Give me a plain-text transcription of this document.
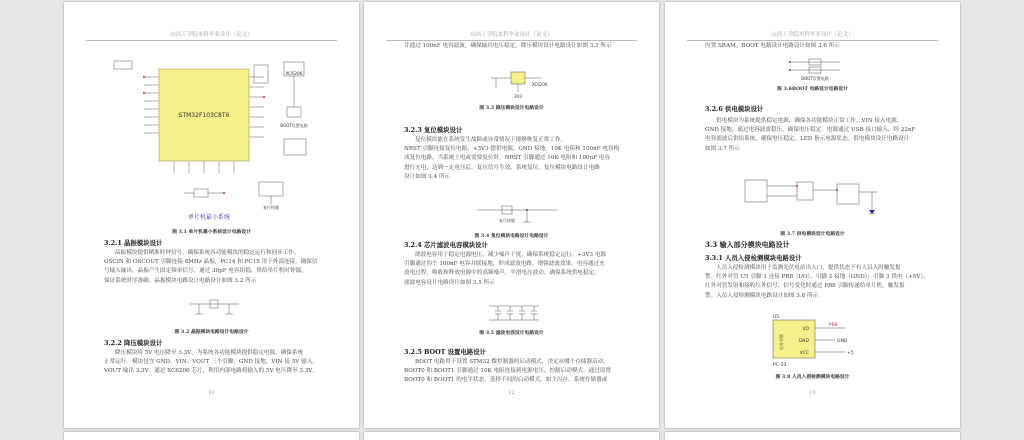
山西工学院本科毕业设计（论文）
STM32F103C8T6
XC6206
BOOT设置电路
复位按键
单片机最小系统
图 3.1 单片机最小系统设计电路设计
3.2.1 晶振模块设计
晶振模块提供精准时钟信号，确保系统各功能模块的稳定运行和同步工作。
OSCIN 和 OSCOUT 引脚连接 8MHz 晶振，PC14 和 PC15 用于外部连接。确保信
号输入输出。晶振产生固定频率信号，通过 30pF 电容组稳，供给单片机时钟源，
保证系统时序准确。晶振模块电路设计电路设计如图 3.2 所示
图 3.2 晶振模块电路设计电路设计
3.2.2 降压模块设计
降压模块将 5V 电压降至 3.3V，为系统各功能模块提供稳定电源，确保系统
正常运行。模块包含 GND、VIN、VOUT 三个引脚，GND 接地，VIN 接 5V 输入，
VOUT 输出 3.3V。通过 XC6206 芯片，利用内部电路将输入的 5V 电压降至 3.3V，
11
山西工学院本科毕业设计（论文）
并通过 100nF 电容滤波，确保输出电压稳定。降压模块设计电路设计如图 3.3 所示
XC6206
3V3
图 3.3 降压模块设计电路设计
3.2.3 复位模块设计
复位模块能在系统发生故障或异常情况下能够恢复正常工作，
NRST 引脚连接复位电路，+3V3 提供电源，GND 接地。10K 电阻和 100nF 电容构
成复位电路，当系统上电或需要复位时，NRST 引脚通过 10K 电阻和 100nF 电容
进行充电，达到一定电压后，复位信号生效，系统复位。复位模块电路设计电路
设计如图 3.4 所示
复位按键
图 3.4 复位模块电路设计电路设计
3.2.4 芯片滤波电容模块设计
滤波电容用于稳定电源电压，减少噪声干扰，确保系统稳定运行。+3V3 电源
引脚通过四个 100nF 电容并联接地，形成滤波电路，增强滤波效果。电容通过充
放电过程，吸收和释放电源中的高频噪声，平滑电压波动，确保系统供电稳定。
滤波电容设计电路设计如图 3.5 所示
图 3.5 滤波电容设计电路设计
3.2.5 BOOT 设置电路设计
BOOT 电路用于设置 STM32 微控制器的启动模式，决定从哪个存储器启动。
BOOT0 和 BOOT1 引脚通过 10K 电阻连接到电源电压，控制启动模式。通过设置
BOOT0 和 BOOT1 的电平状态，选择不同的启动模式，如主闪存、系统存储器或
12
山西工学院本科毕业设计（论文）
内置 SRAM。BOOT 电路设计电路设计如图 3.6 所示
BOOT设置电路
图 3.6BOOT 电路设计电路设计
3.2.6 供电模块设计
供电模块为系统提供稳定电源，确保各功能模块正常工作。VIN 接入电源，
GND 接地，通过电容滤波稳压，确保电压稳定。电源通过 USB 接口输入，经 22nF
电容滤波后供给系统，确保电压稳定。LED 指示电源状态。供电模块设计电路设计
如图 3.7 所示
图 3.7 供电模块设计电路设计
3.3 输入部分模块电路设计
3.3.1 人员入侵检测模块电路设计
人员入侵检测模块用于监测光伏电站出入口，提供状态下有人员入时触发报
警。红外对管 U5 引脚 1 连接 PB8（I/O），引脚 2 接地（GND），引脚 3 供电（+5V）。
红外对管发射和接收红外信号，信号变化时通过 PB8 引脚传递给单片机，触发报
警。人员入侵检测模块电路设计如图 3.8 所示
U5
红外对管
I/O
GND
VCC
PB8
GND
+5
PC-33
图 3.8 人员入侵检测模块电路设计
13
